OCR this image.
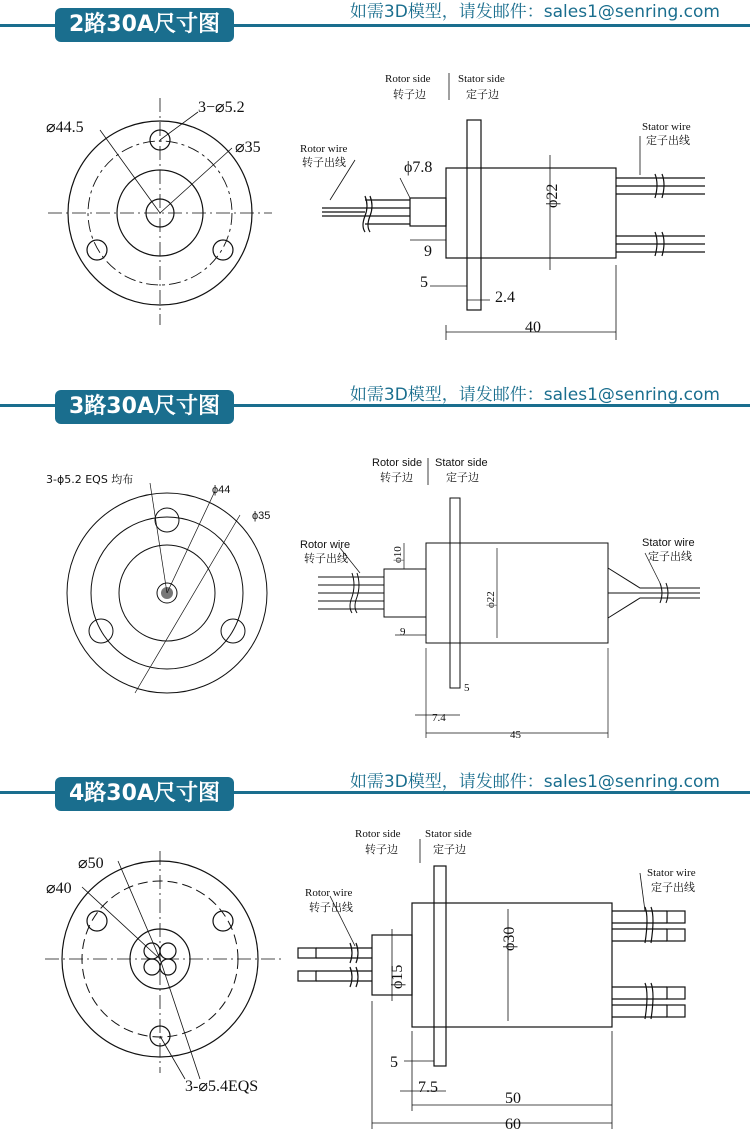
2路30A尺寸图	如需3D模型，请发邮件：sales1@senring.com
⌀44.5
3−⌀5.2
⌀35
Rotor side
转子边
Stator side
定子边
Rotor wire
转子出线
Stator wire
定子出线
ϕ7.8
ϕ22
9
5
2.4
40
3路30A尺寸图	如需3D模型，请发邮件：sales1@senring.com
3-ϕ5.2 EQS 均布
ϕ44
ϕ35
Rotor side
转子边
Stator side
定子边
Rotor wire
转子出线
Stator wire
定子出线
ϕ10
ϕ22
9
5
7.4
45
4路30A尺寸图	如需3D模型，请发邮件：sales1@senring.com
⌀50
⌀40
3-⌀5.4EQS
Rotor side
转子边
Stator side
定子边
Rotor wire
转子出线
Stator wire
定子出线
ϕ15
ϕ30
5
7.5
50
60
